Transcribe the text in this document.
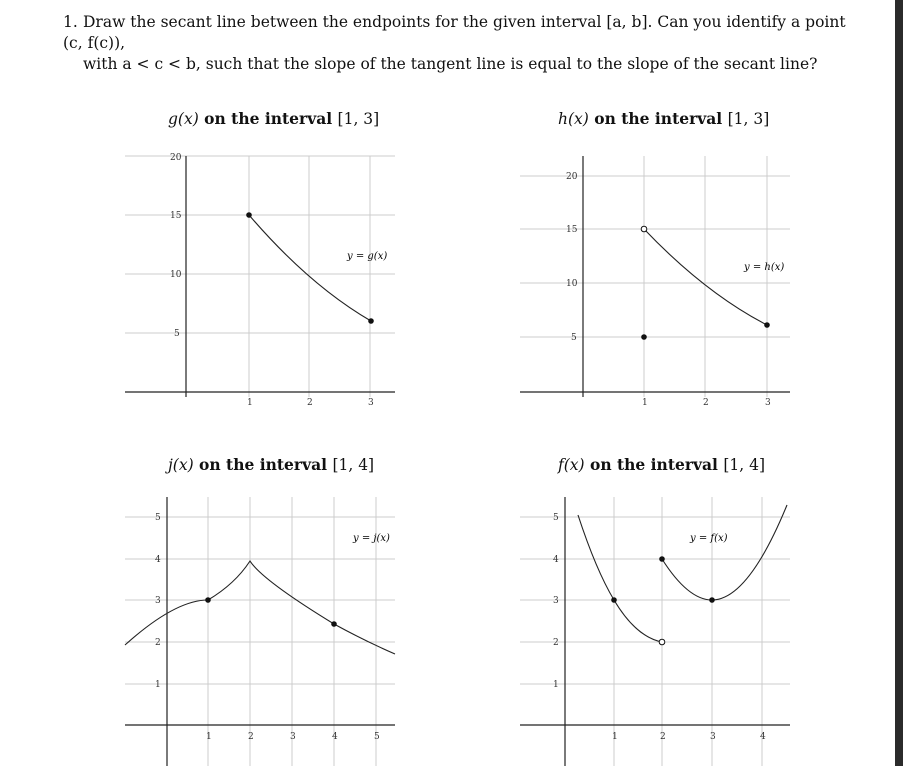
1. Draw the secant line between the endpoints for the given interval [a, b]. Can you identify a point (c, f(c)),
with a < c < b, such that the slope of the tangent line is equal to the slope of the secant line?
g(x) on the interval [1, 3]	h(x) on the interval [1, 3]
j(x) on the interval [1, 4]	f(x) on the interval [1, 4]
1	2	3
5
10
15
20
y = g(x)
1	2	3
5
10
15
20
y = h(x)
1	2	3	4	5
1
2
3
4
5
y = j(x)
1	2	3	4
1
2
3
4
5
y = f(x)
